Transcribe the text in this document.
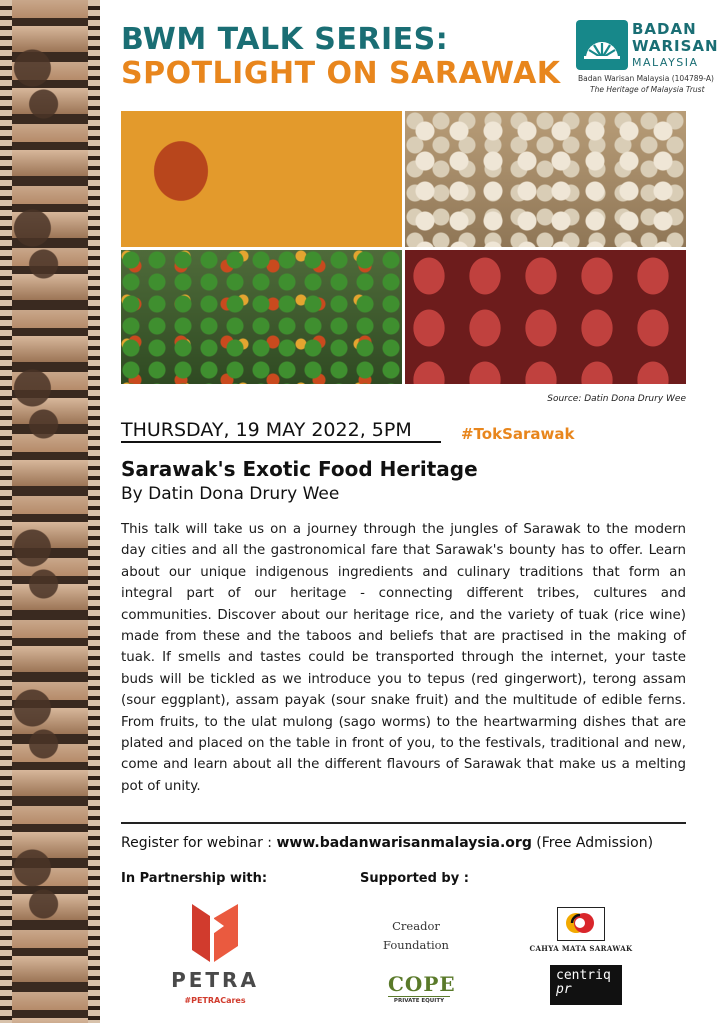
BWM TALK SERIES:
SPOTLIGHT ON SARAWAK
BADAN
WARISAN
MALAYSIA
Badan Warisan Malaysia (104789-A)
The Heritage of Malaysia Trust
Source: Datin Dona Drury Wee
THURSDAY, 19 MAY 2022, 5PM	#TokSarawak
Sarawak's Exotic Food Heritage
By Datin Dona Drury Wee
This talk will take us on a journey through the jungles of Sarawak to the modern day cities and all the gastronomical fare that Sarawak's bounty has to offer. Learn about our unique indigenous ingredients and culinary traditions that form an integral part of our heritage - connecting different tribes, cultures and communities. Discover about our heritage rice, and the variety of tuak (rice wine) made from these and the taboos and beliefs that are practised in the making of tuak. If smells and tastes could be transported through the internet, your taste buds will be tickled as we introduce you to tepus (red gingerwort), terong assam (sour eggplant), assam payak (sour snake fruit) and the multitude of edible ferns. From fruits, to the ulat mulong (sago worms) to the heartwarming dishes that are plated and placed on the table in front of you, to the festivals, traditional and new, come and learn about all the different flavours of Sarawak that make us a melting pot of unity.
Register for webinar : www.badanwarisanmalaysia.org (Free Admission)
In Partnership with:	Supported by :
PETRA
#PETRACares
Creador
Foundation
COPE
PRIVATE EQUITY
CAHYA MATA SARAWAK
centriq
pr
